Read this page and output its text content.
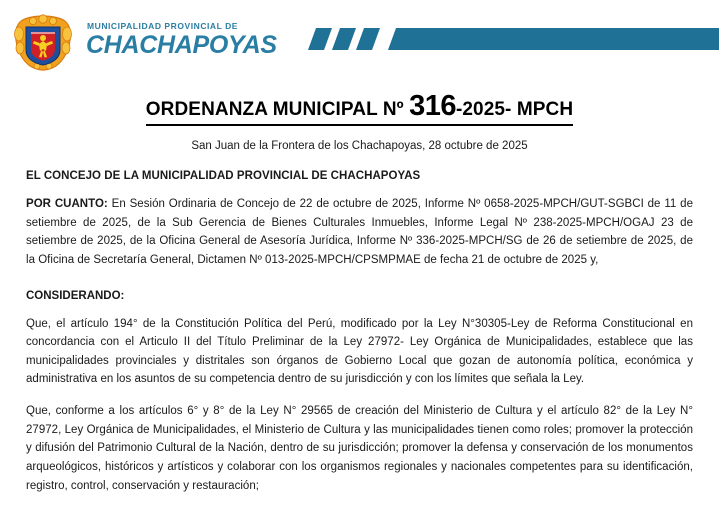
MUNICIPALIDAD PROVINCIAL DE
CHACHAPOYAS
ORDENANZA MUNICIPAL Nº 316-2025- MPCH
San Juan de la Frontera de los Chachapoyas, 28 octubre de 2025
EL CONCEJO DE LA MUNICIPALIDAD PROVINCIAL DE CHACHAPOYAS

POR CUANTO: En Sesión Ordinaria de Concejo de 22 de octubre de 2025, Informe Nº 0658-2025-MPCH/GUT-SGBCI de 11 de setiembre de 2025, de la Sub Gerencia de Bienes Culturales Inmuebles, Informe Legal Nº 238-2025-MPCH/OGAJ 23 de setiembre de 2025, de la Oficina General de Asesoría Jurídica, Informe Nº 336-2025-MPCH/SG de 26 de setiembre de 2025, de la Oficina de Secretaría General, Dictamen Nº 013-2025-MPCH/CPSMPMAE de fecha 21 de octubre de 2025 y,

CONSIDERANDO:

Que, el artículo 194° de la Constitución Política del Perú, modificado por la Ley N°30305-Ley de Reforma Constitucional en concordancia con el Articulo II del Título Preliminar de la Ley 27972- Ley Orgánica de Municipalidades, establece que las municipalidades provinciales y distritales son órganos de Gobierno Local que gozan de autonomía política, económica y administrativa en los asuntos de su competencia dentro de su jurisdicción y con los límites que señala la Ley.

Que, conforme a los artículos 6° y 8° de la Ley N° 29565 de creación del Ministerio de Cultura y el artículo 82° de la Ley N° 27972, Ley Orgánica de Municipalidades, el Ministerio de Cultura y las municipalidades tienen como roles; promover la protección y difusión del Patrimonio Cultural de la Nación, dentro de su jurisdicción; promover la defensa y conservación de los monumentos arqueológicos, históricos y artísticos y colaborar con los organismos regionales y nacionales competentes para su identificación, registro, control, conservación y restauración;
